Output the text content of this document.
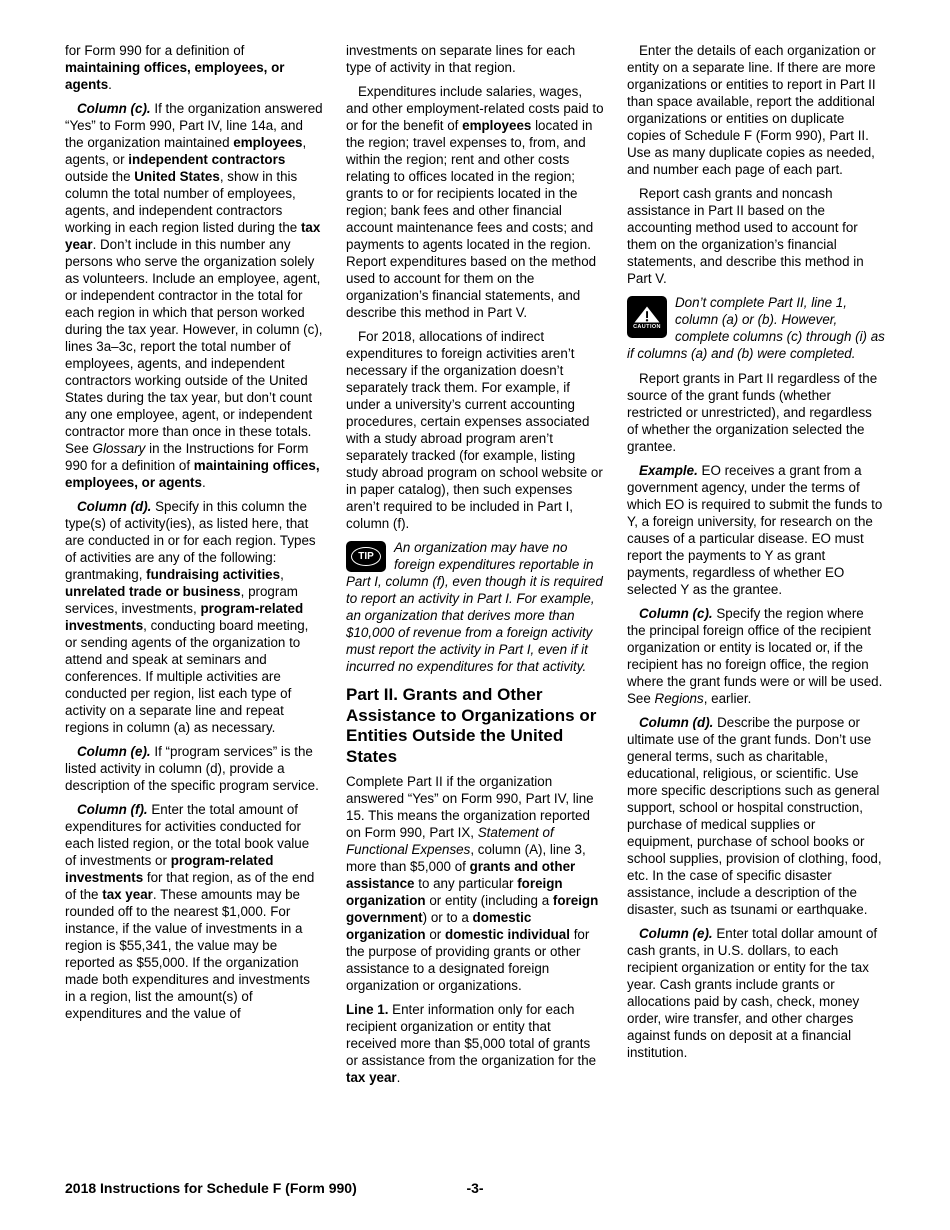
for Form 990 for a definition of maintaining offices, employees, or agents.

Column (c). If the organization answered “Yes” to Form 990, Part IV, line 14a, and the organization maintained employees, agents, or independent contractors outside the United States, show in this column the total number of employees, agents, and independent contractors working in each region listed during the tax year. Don’t include in this number any persons who serve the organization solely as volunteers. Include an employee, agent, or independent contractor in the total for each region in which that person worked during the tax year. However, in column (c), lines 3a–3c, report the total number of employees, agents, and independent contractors working outside of the United States during the tax year, but don’t count any one employee, agent, or independent contractor more than once in these totals. See Glossary in the Instructions for Form 990 for a definition of maintaining offices, employees, or agents.

Column (d). Specify in this column the type(s) of activity(ies), as listed here, that are conducted in or for each region. Types of activities are any of the following: grantmaking, fundraising activities, unrelated trade or business, program services, investments, program-related investments, conducting board meeting, or sending agents of the organization to attend and speak at seminars and conferences. If multiple activities are conducted per region, list each type of activity on a separate line and repeat regions in column (a) as necessary.

Column (e). If “program services” is the listed activity in column (d), provide a description of the specific program service.

Column (f). Enter the total amount of expenditures for activities conducted for each listed region, or the total book value of investments or program-related investments for that region, as of the end of the tax year. These amounts may be rounded off to the nearest $1,000. For instance, if the value of investments in a region is $55,341, the value may be reported as $55,000. If the organization made both expenditures and investments in a region, list the amount(s) of expenditures and the value of

investments on separate lines for each type of activity in that region.

Expenditures include salaries, wages, and other employment-related costs paid to or for the benefit of employees located in the region; travel expenses to, from, and within the region; rent and other costs relating to offices located in the region; grants to or for recipients located in the region; bank fees and other financial account maintenance fees and costs; and payments to agents located in the region. Report expenditures based on the method used to account for them on the organization’s financial statements, and describe this method in Part V.

For 2018, allocations of indirect expenditures to foreign activities aren’t necessary if the organization doesn’t separately track them. For example, if under a university’s current accounting procedures, certain expenses associated with a study abroad program aren’t separately tracked (for example, listing study abroad program on school website or in paper catalog), then such expenses aren’t required to be included in Part I, column (f).

TIP
An organization may have no foreign expenditures reportable in Part I, column (f), even though it is required to report an activity in Part I. For example, an organization that derives more than $10,000 of revenue from a foreign activity must report the activity in Part I, even if it incurred no expenditures for that activity.
Part II. Grants and Other Assistance to Organizations or Entities Outside the United States

Complete Part II if the organization answered “Yes” on Form 990, Part IV, line 15. This means the organization reported on Form 990, Part IX, Statement of Functional Expenses, column (A), line 3, more than $5,000 of grants and other assistance to any particular foreign organization or entity (including a foreign government) or to a domestic organization or domestic individual for the purpose of providing grants or other assistance to a designated foreign organization or organizations.

Line 1. Enter information only for each recipient organization or entity that received more than $5,000 total of grants or assistance from the organization for the tax year.

Enter the details of each organization or entity on a separate line. If there are more organizations or entities to report in Part II than space available, report the additional organizations or entities on duplicate copies of Schedule F (Form 990), Part II. Use as many duplicate copies as needed, and number each page of each part.

Report cash grants and noncash assistance in Part II based on the accounting method used to account for them on the organization’s financial statements, and describe this method in Part V.

CAUTION
Don’t complete Part II, line 1, column (a) or (b). However, complete columns (c) through (i) as if columns (a) and (b) were completed.

Report grants in Part II regardless of the source of the grant funds (whether restricted or unrestricted), and regardless of whether the organization selected the grantee.

Example. EO receives a grant from a government agency, under the terms of which EO is required to submit the funds to Y, a foreign university, for research on the causes of a particular disease. EO must report the payments to Y as grant payments, regardless of whether EO selected Y as the grantee.

Column (c). Specify the region where the principal foreign office of the recipient organization or entity is located or, if the recipient has no foreign office, the region where the grant funds were or will be used. See Regions, earlier.

Column (d). Describe the purpose or ultimate use of the grant funds. Don’t use general terms, such as charitable, educational, religious, or scientific. Use more specific descriptions such as general support, school or hospital construction, purchase of medical supplies or equipment, purchase of school books or school supplies, provision of clothing, food, etc. In the case of specific disaster assistance, include a description of the disaster, such as tsunami or earthquake.

Column (e). Enter total dollar amount of cash grants, in U.S. dollars, to each recipient organization or entity for the tax year. Cash grants include grants or allocations paid by cash, check, money order, wire transfer, and other charges against funds on deposit at a financial institution.

2018 Instructions for Schedule F (Form 990)	-3-
